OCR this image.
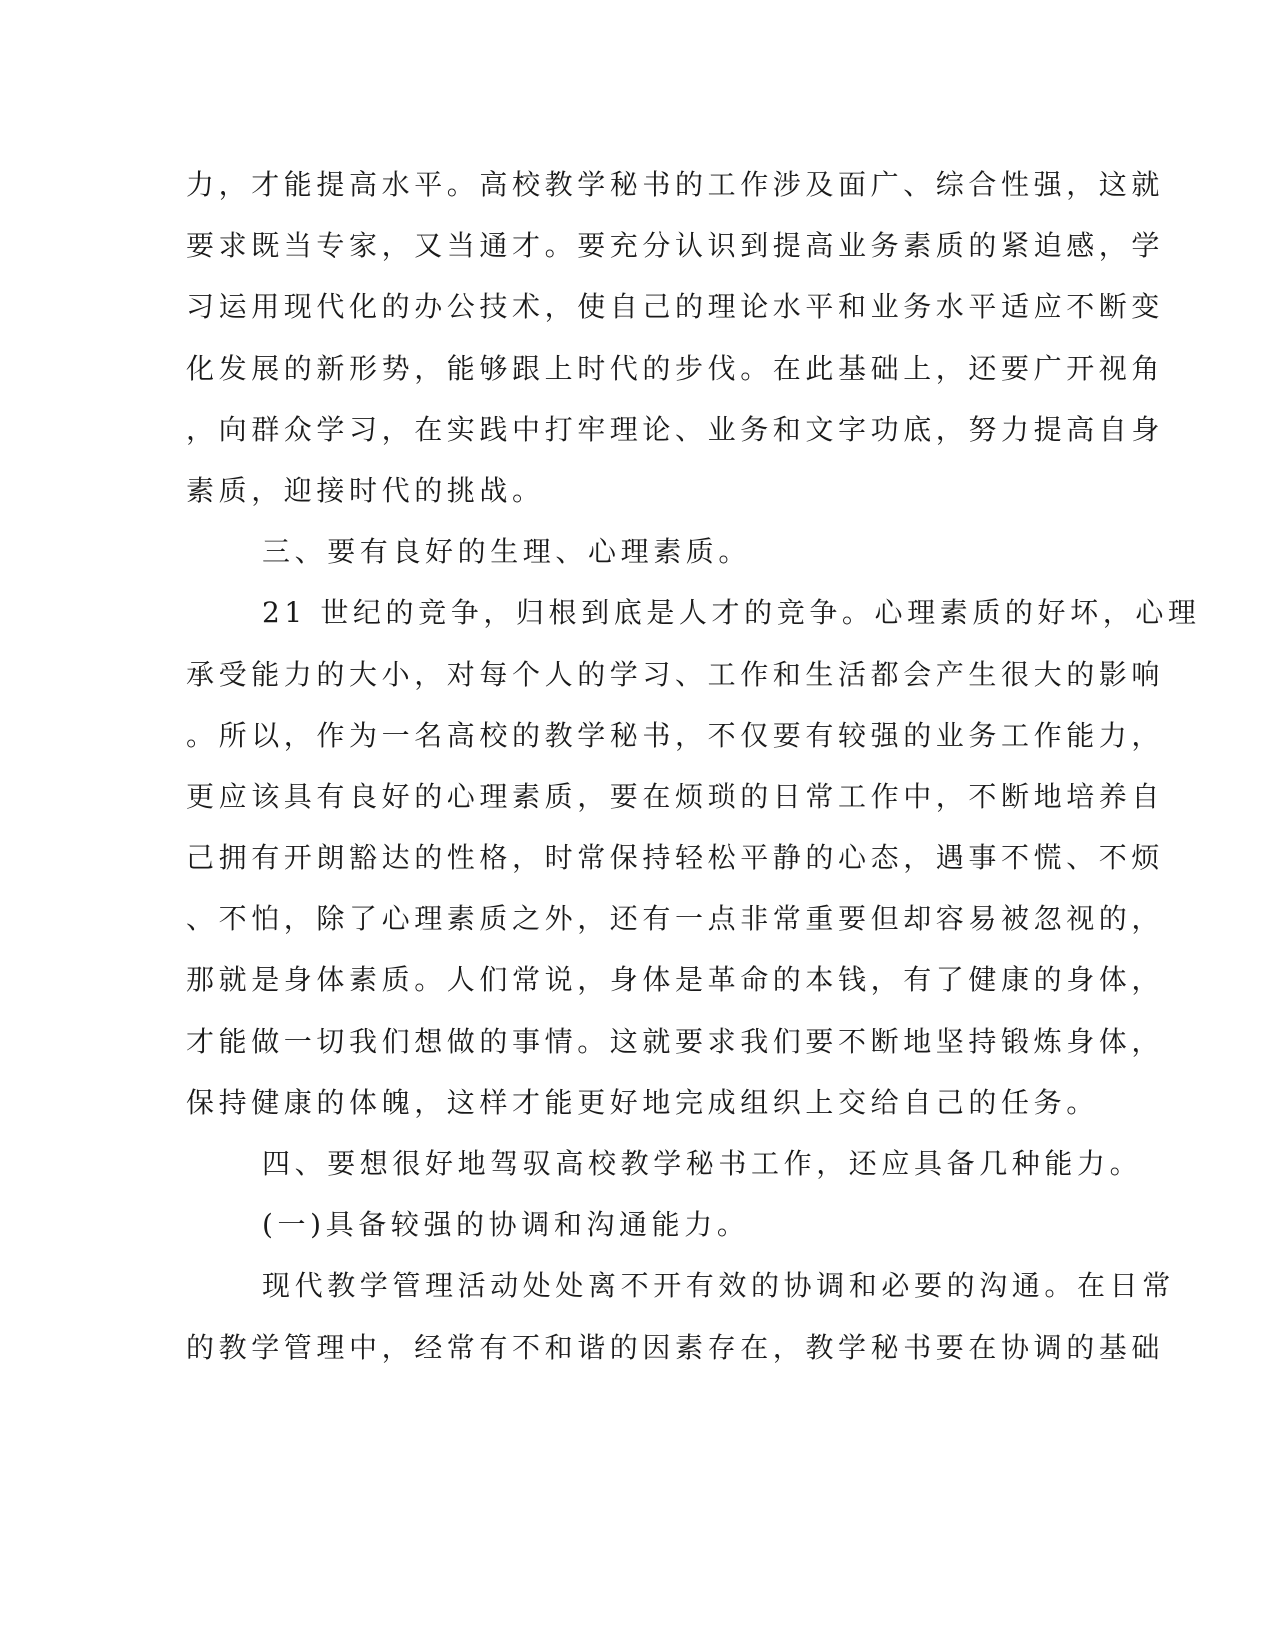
力，才能提高水平。高校教学秘书的工作涉及面广、综合性强，这就
要求既当专家，又当通才。要充分认识到提高业务素质的紧迫感，学
习运用现代化的办公技术，使自己的理论水平和业务水平适应不断变
化发展的新形势，能够跟上时代的步伐。在此基础上，还要广开视角
，向群众学习，在实践中打牢理论、业务和文字功底，努力提高自身
素质，迎接时代的挑战。
三、要有良好的生理、心理素质。
21 世纪的竞争，归根到底是人才的竞争。心理素质的好坏，心理
承受能力的大小，对每个人的学习、工作和生活都会产生很大的影响
。所以，作为一名高校的教学秘书，不仅要有较强的业务工作能力，
更应该具有良好的心理素质，要在烦琐的日常工作中，不断地培养自
己拥有开朗豁达的性格，时常保持轻松平静的心态，遇事不慌、不烦
、不怕，除了心理素质之外，还有一点非常重要但却容易被忽视的，
那就是身体素质。人们常说，身体是革命的本钱，有了健康的身体，
才能做一切我们想做的事情。这就要求我们要不断地坚持锻炼身体，
保持健康的体魄，这样才能更好地完成组织上交给自己的任务。
四、要想很好地驾驭高校教学秘书工作，还应具备几种能力。
(一)具备较强的协调和沟通能力。
现代教学管理活动处处离不开有效的协调和必要的沟通。在日常
的教学管理中，经常有不和谐的因素存在，教学秘书要在协调的基础
